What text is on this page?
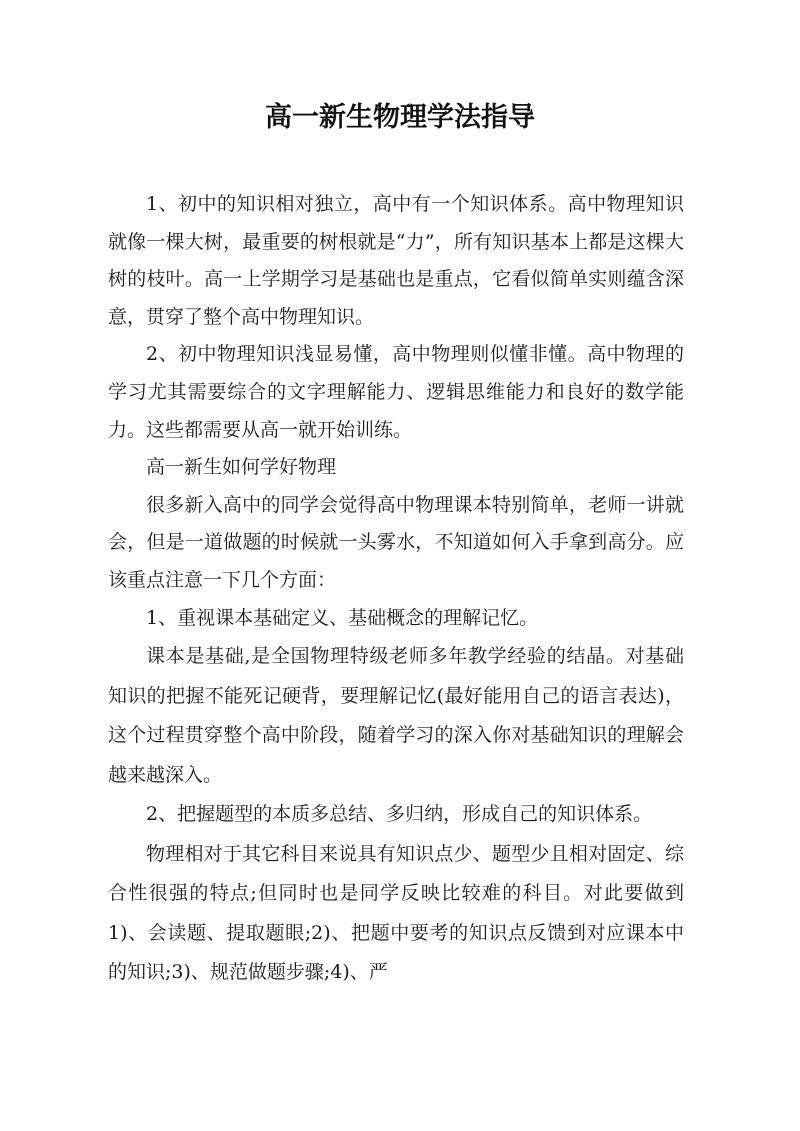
高一新生物理学法指导

1、初中的知识相对独立，高中有一个知识体系。高中物理知识就像一棵大树，最重要的树根就是“力”，所有知识基本上都是这棵大树的枝叶。高一上学期学习是基础也是重点，它看似简单实则蕴含深意，贯穿了整个高中物理知识。

2、初中物理知识浅显易懂，高中物理则似懂非懂。高中物理的学习尤其需要综合的文字理解能力、逻辑思维能力和良好的数学能力。这些都需要从高一就开始训练。

高一新生如何学好物理

很多新入高中的同学会觉得高中物理课本特别简单，老师一讲就会，但是一道做题的时候就一头雾水，不知道如何入手拿到高分。应该重点注意一下几个方面：

1、重视课本基础定义、基础概念的理解记忆。

课本是基础,是全国物理特级老师多年教学经验的结晶。对基础知识的把握不能死记硬背，要理解记忆(最好能用自己的语言表达)，这个过程贯穿整个高中阶段，随着学习的深入你对基础知识的理解会越来越深入。

2、把握题型的本质多总结、多归纳，形成自己的知识体系。

物理相对于其它科目来说具有知识点少、题型少且相对固定、综合性很强的特点;但同时也是同学反映比较难的科目。对此要做到 1)、会读题、提取题眼;2)、把题中要考的知识点反馈到对应课本中的知识;3)、规范做题步骤;4)、严
